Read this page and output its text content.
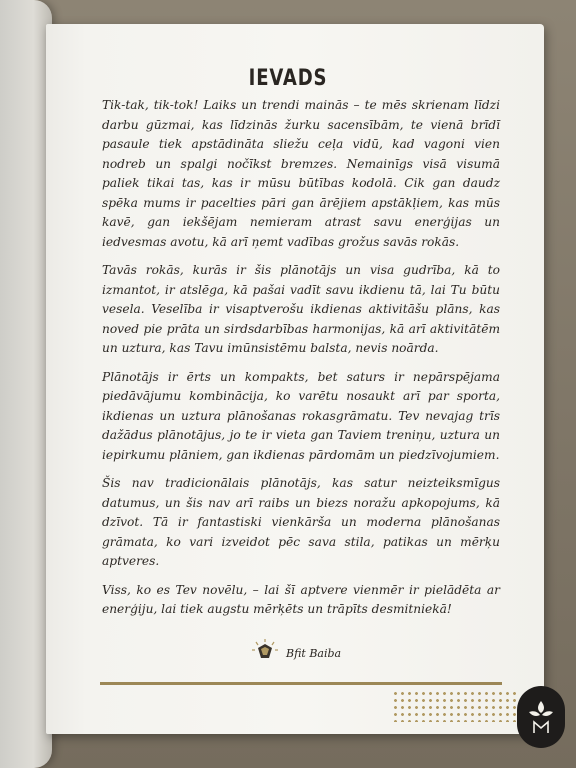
IEVADS

Tik-tak, tik-tok! Laiks un trendi mainās – te mēs skrienam līdzi darbu gūzmai, kas līdzinās žurku sacensībām, te vienā brīdī pasaule tiek apstādināta sliežu ceļa vidū, kad vagoni vien nodreb un spalgi nočīkst bremzes. Nemainīgs visā visumā paliek tikai tas, kas ir mūsu būtības kodolā. Cik gan daudz spēka mums ir pacelties pāri gan ārējiem apstākļiem, kas mūs kavē, gan iekšējam nemieram atrast savu enerģijas un iedvesmas avotu, kā arī ņemt vadības grožus savās rokās.

Tavās rokās, kurās ir šis plānotājs un visa gudrība, kā to izmantot, ir atslēga, kā pašai vadīt savu ikdienu tā, lai Tu būtu vesela. Veselība ir visaptverošu ikdienas aktivitāšu plāns, kas noved pie prāta un sirdsdarbības harmonijas, kā arī aktivitātēm un uztura, kas Tavu imūnsistēmu balsta, nevis noārda.

Plānotājs ir ērts un kompakts, bet saturs ir nepārspējama piedāvājumu kombinācija, ko varētu nosaukt arī par sporta, ikdienas un uztura plānošanas rokasgrāmatu. Tev nevajag trīs dažādus plānotājus, jo te ir vieta gan Taviem treniņu, uztura un iepirkumu plāniem, gan ikdienas pārdomām un piedzīvojumiem.

Šis nav tradicionālais plānotājs, kas satur neizteiksmīgus datumus, un šis nav arī raibs un biezs noražu apkopojums, kā dzīvot. Tā ir fantastiski vienkārša un moderna plānošanas grāmata, ko vari izveidot pēc sava stila, patikas un mērķu aptveres.

Viss, ko es Tev novēlu, – lai šī aptvere vienmēr ir pielādēta ar enerģiju, lai tiek augstu mērķēts un trāpīts desmitniekā!

Bfit Baiba
